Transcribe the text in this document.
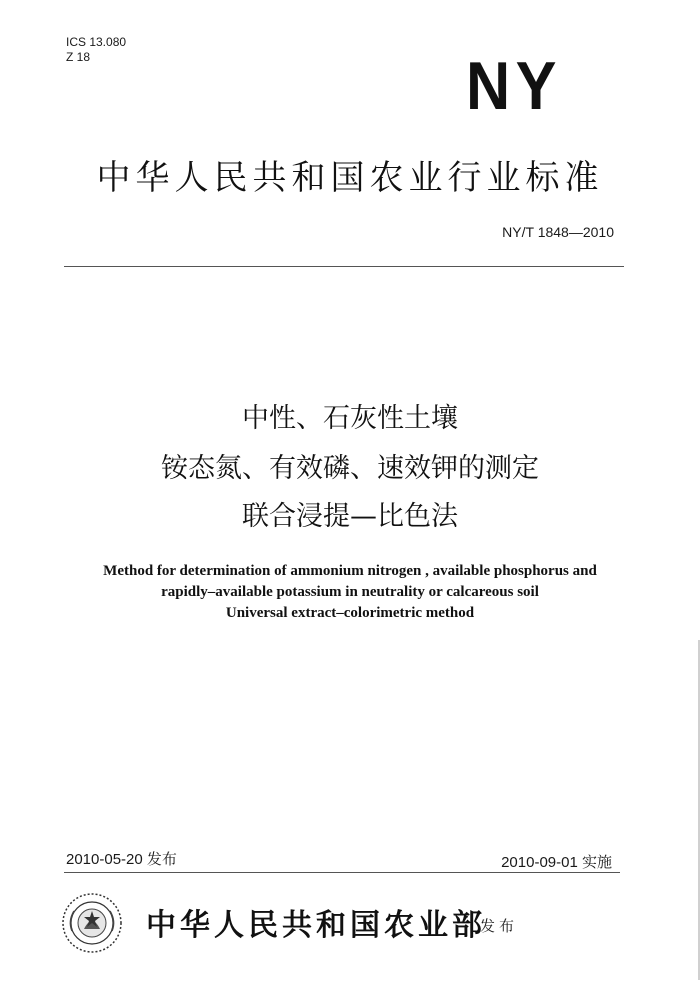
ICS 13.080
Z 18	NY
中华人民共和国农业行业标准
NY/T 1848—2010
中性、石灰性土壤
铵态氮、有效磷、速效钾的测定
联合浸提—比色法
Method for determination of ammonium nitrogen , available phosphorus and
rapidly–available potassium in neutrality or calcareous soil
Universal extract–colorimetric method
2010-05-20 发布	2010-09-01 实施
中华人民共和国农业部
发布
